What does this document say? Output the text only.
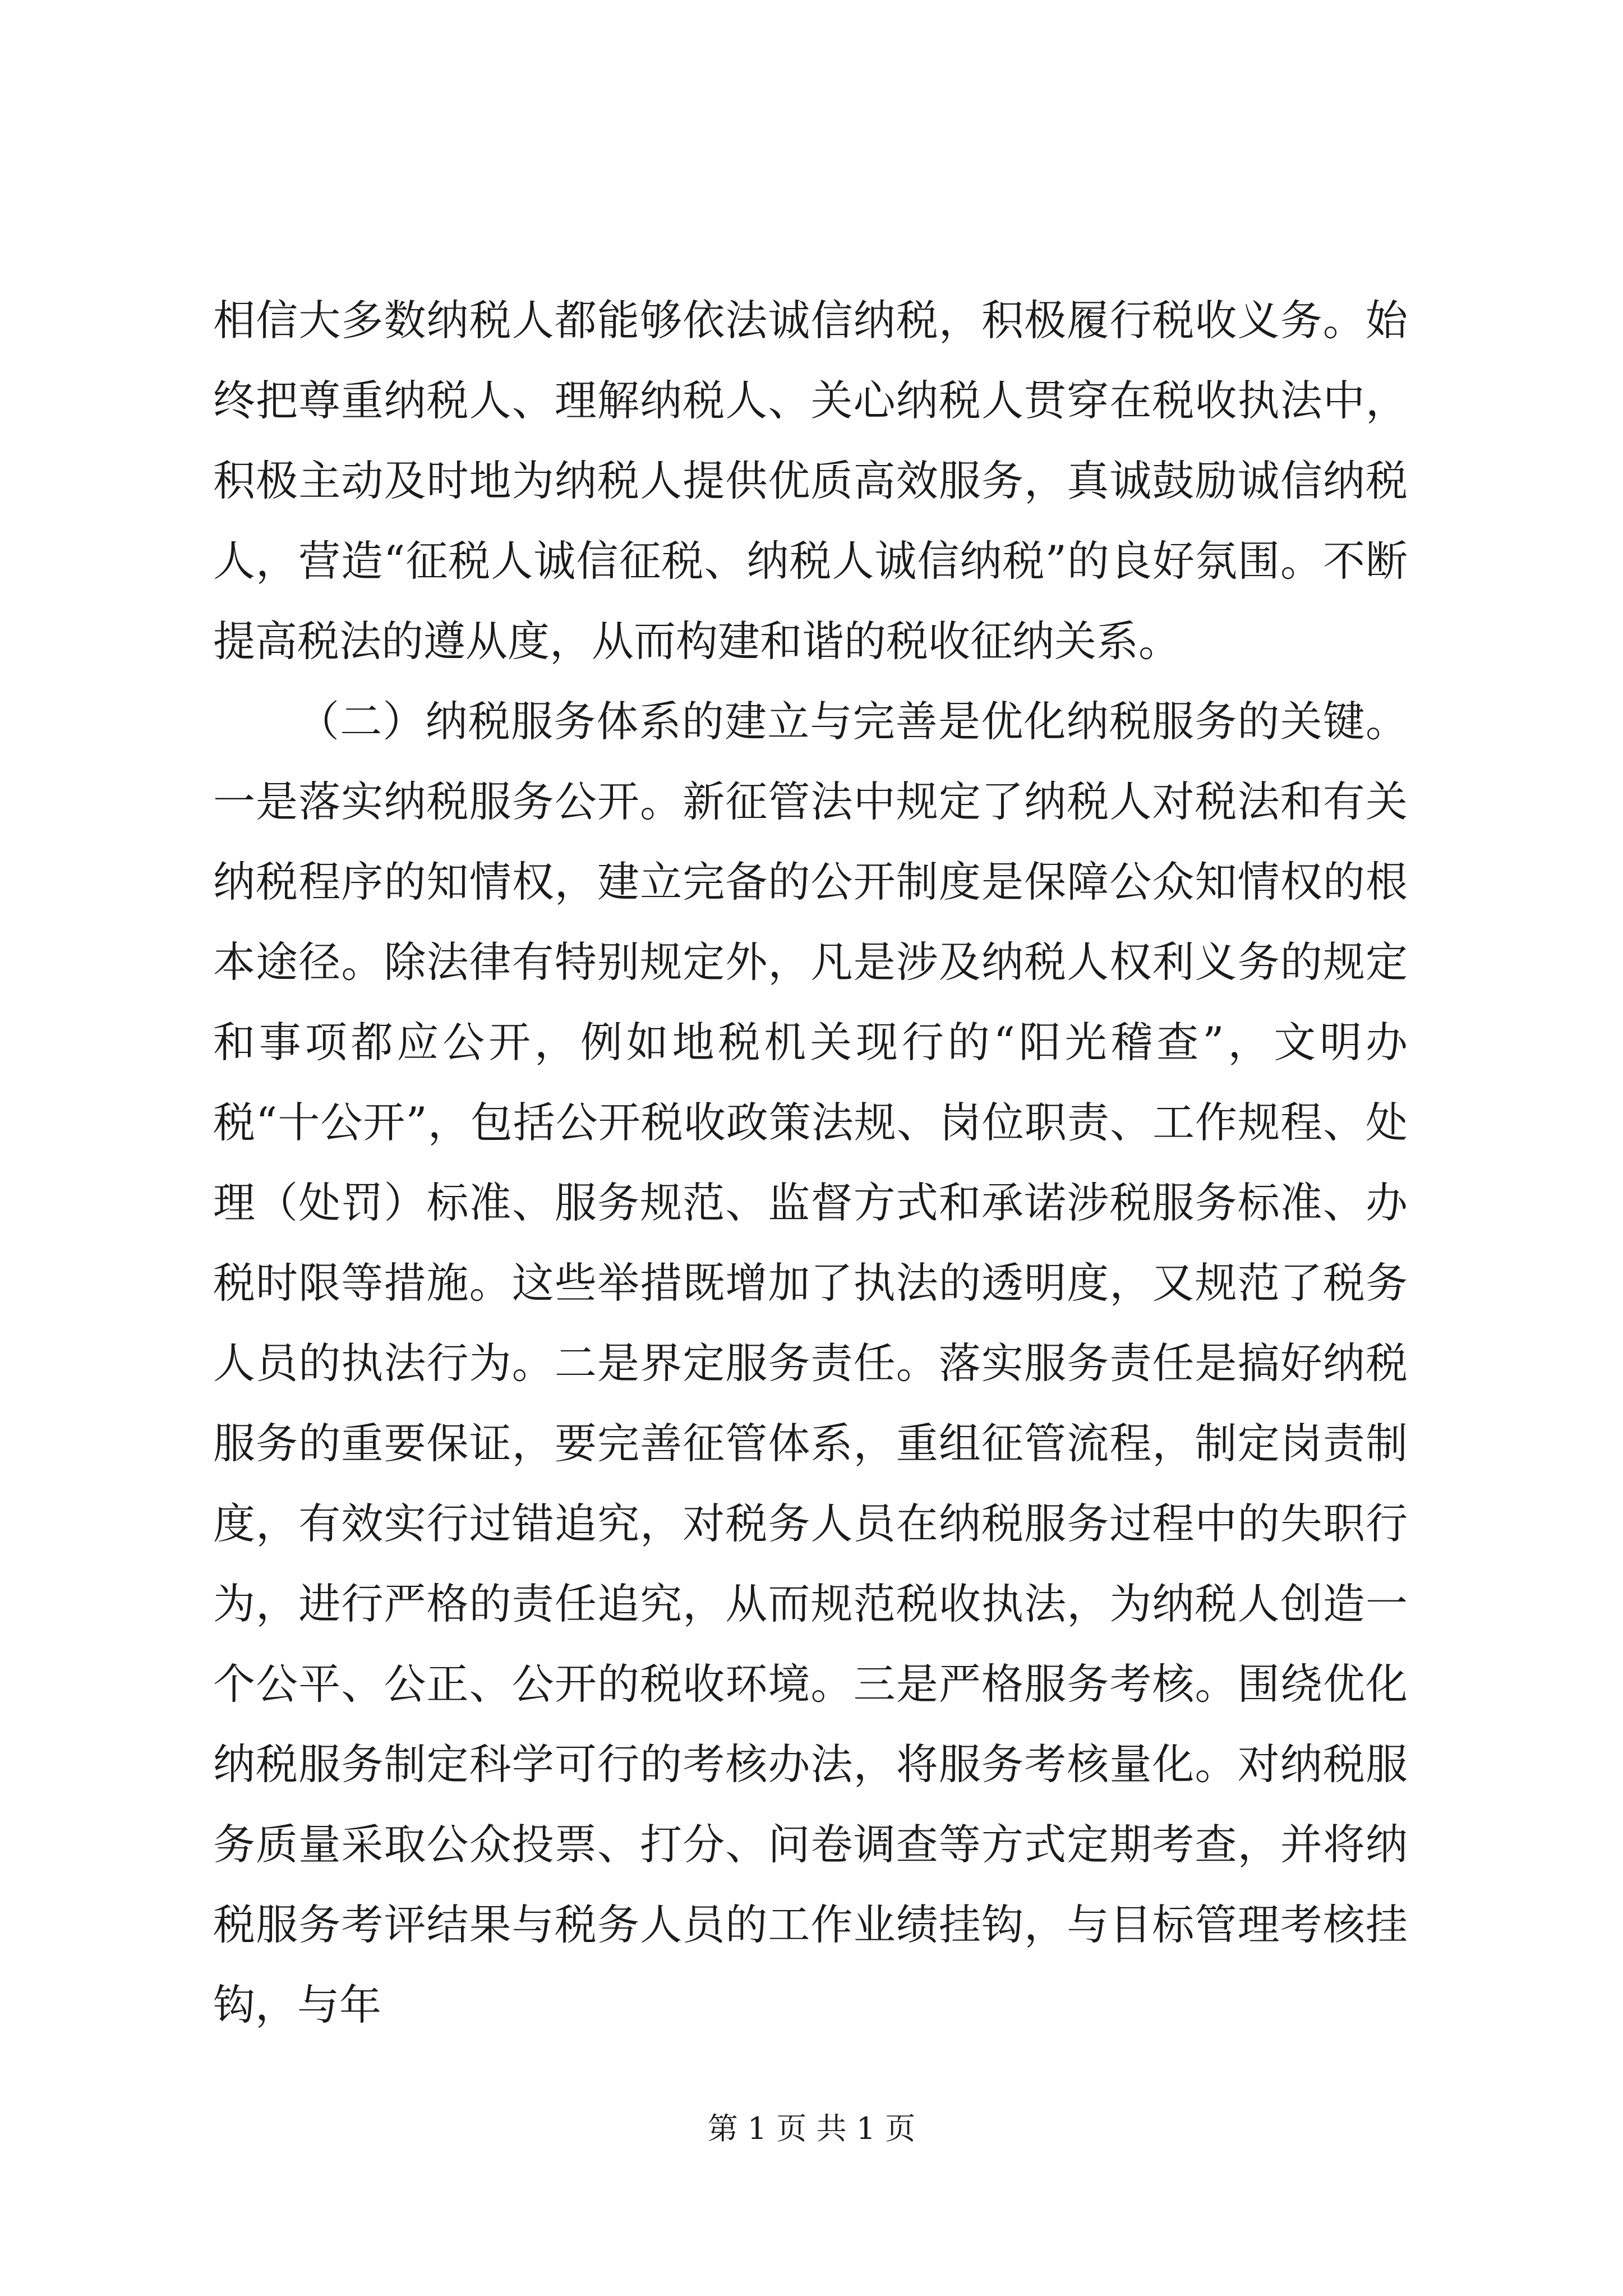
相信大多数纳税人都能够依法诚信纳税，积极履行税收义务。始终把尊重纳税人、理解纳税人、关心纳税人贯穿在税收执法中，积极主动及时地为纳税人提供优质高效服务，真诚鼓励诚信纳税人，营造“征税人诚信征税、纳税人诚信纳税”的良好氛围。不断提高税法的遵从度，从而构建和谐的税收征纳关系。

（二）纳税服务体系的建立与完善是优化纳税服务的关键。一是落实纳税服务公开。新征管法中规定了纳税人对税法和有关纳税程序的知情权，建立完备的公开制度是保障公众知情权的根本途径。除法律有特别规定外，凡是涉及纳税人权利义务的规定和事项都应公开，例如地税机关现行的“阳光稽查”，文明办税“十公开”，包括公开税收政策法规、岗位职责、工作规程、处理（处罚）标准、服务规范、监督方式和承诺涉税服务标准、办税时限等措施。这些举措既增加了执法的透明度，又规范了税务人员的执法行为。二是界定服务责任。落实服务责任是搞好纳税服务的重要保证，要完善征管体系，重组征管流程，制定岗责制度，有效实行过错追究，对税务人员在纳税服务过程中的失职行为，进行严格的责任追究，从而规范税收执法，为纳税人创造一个公平、公正、公开的税收环境。三是严格服务考核。围绕优化纳税服务制定科学可行的考核办法，将服务考核量化。对纳税服务质量采取公众投票、打分、问卷调查等方式定期考查，并将纳税服务考评结果与税务人员的工作业绩挂钩，与目标管理考核挂钩，与年

第 1 页 共 1 页
